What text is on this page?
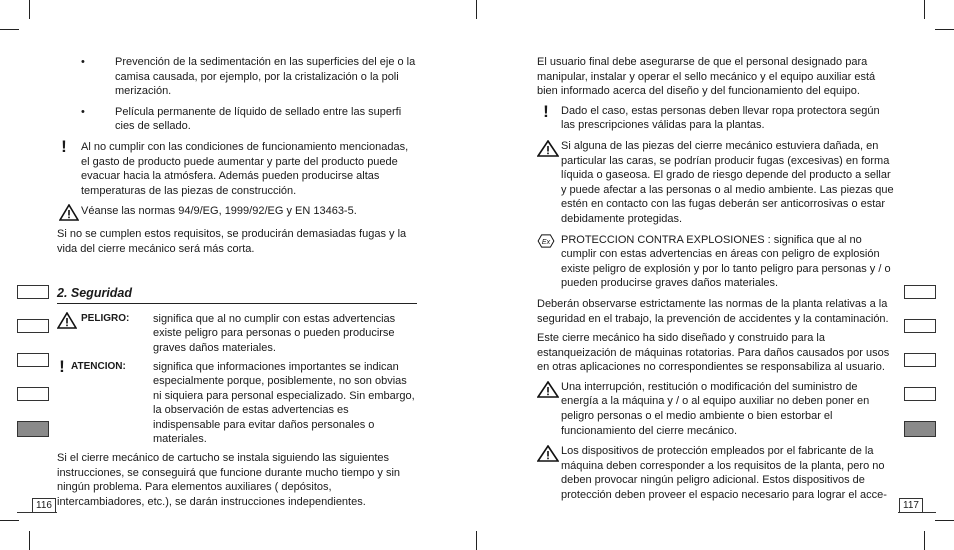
•	Prevención de la sedimentación en las superficies del eje o la camisa causada, por ejemplo, por la cristalización o la poli merización.

•	Película permanente de líquido de sellado entre las superfi cies de sellado.

! Al no cumplir con las condiciones de funcionamiento mencionadas, el gasto de producto puede aumentar y parte del producto puede evacuar hacia la atmósfera. Además pueden producirse altas temperaturas de las piezas de construcción.

Véanse las normas 94/9/EG, 1999/92/EG y EN 13463-5.

Si no se cumplen estos requisitos, se producirán demasiadas fugas y la vida del cierre mecánico será más corta.

2. Seguridad
PELIGRO:	significa que al no cumplir con estas advertencias existe peligro para personas o pueden producirse graves daños materiales.

! ATENCION:	significa que informaciones importantes se indican especialmente porque, posiblemente, no son obvias ni siquiera para personal especializado. Sin embargo, la observación de estas advertencias es indispensable para evitar daños personales o materiales.

Si el cierre mecánico de cartucho se instala siguiendo las siguientes instrucciones, se conseguirá que funcione durante mucho tiempo y sin ningún problema. Para elementos auxiliares ( depósitos, intercambiadores, etc.), se darán instrucciones independientes.

116

El usuario final debe asegurarse de que el personal designado para manipular, instalar y operar el sello mecánico y el equipo auxiliar está bien informado acerca del diseño y del funcionamiento del equipo.

! Dado el caso, estas personas deben llevar ropa protectora según las prescripciones válidas para la plantas.

Si alguna de las piezas del cierre mecánico estuviera dañada, en particular las caras, se podrían producir fugas (excesivas) en forma líquida o gaseosa. El grado de riesgo depende del producto a sellar y puede afectar a las personas o al medio ambiente. Las piezas que estén en contacto con las fugas deberán ser anticorrosivas o estar debidamente protegidas.

Ex PROTECCION CONTRA EXPLOSIONES : significa que al no cumplir con estas advertencias en áreas con peligro de explosión existe peligro de explosión y por lo tanto peligro para personas y / o pueden producirse graves daños materiales.

Deberán observarse estrictamente las normas de la planta relativas a la seguridad en el trabajo, la prevención de accidentes y la contaminación.

Este cierre mecánico ha sido diseñado y construido para la estanqueización de máquinas rotatorias. Para daños causados por usos en otras aplicaciones no correspondientes se responsabiliza al usuario.

Una interrupción, restitución o modificación del suministro de energía a la máquina y / o al equipo auxiliar no deben poner en peligro personas o el medio ambiente o bien estorbar el funcionamiento del cierre mecánico.

Los dispositivos de protección empleados por el fabricante de la máquina deben corresponder a los requisitos de la planta, pero no deben provocar ningún peligro adicional. Estos dispositivos de protección deben proveer el espacio necesario para lograr el acce-

117
